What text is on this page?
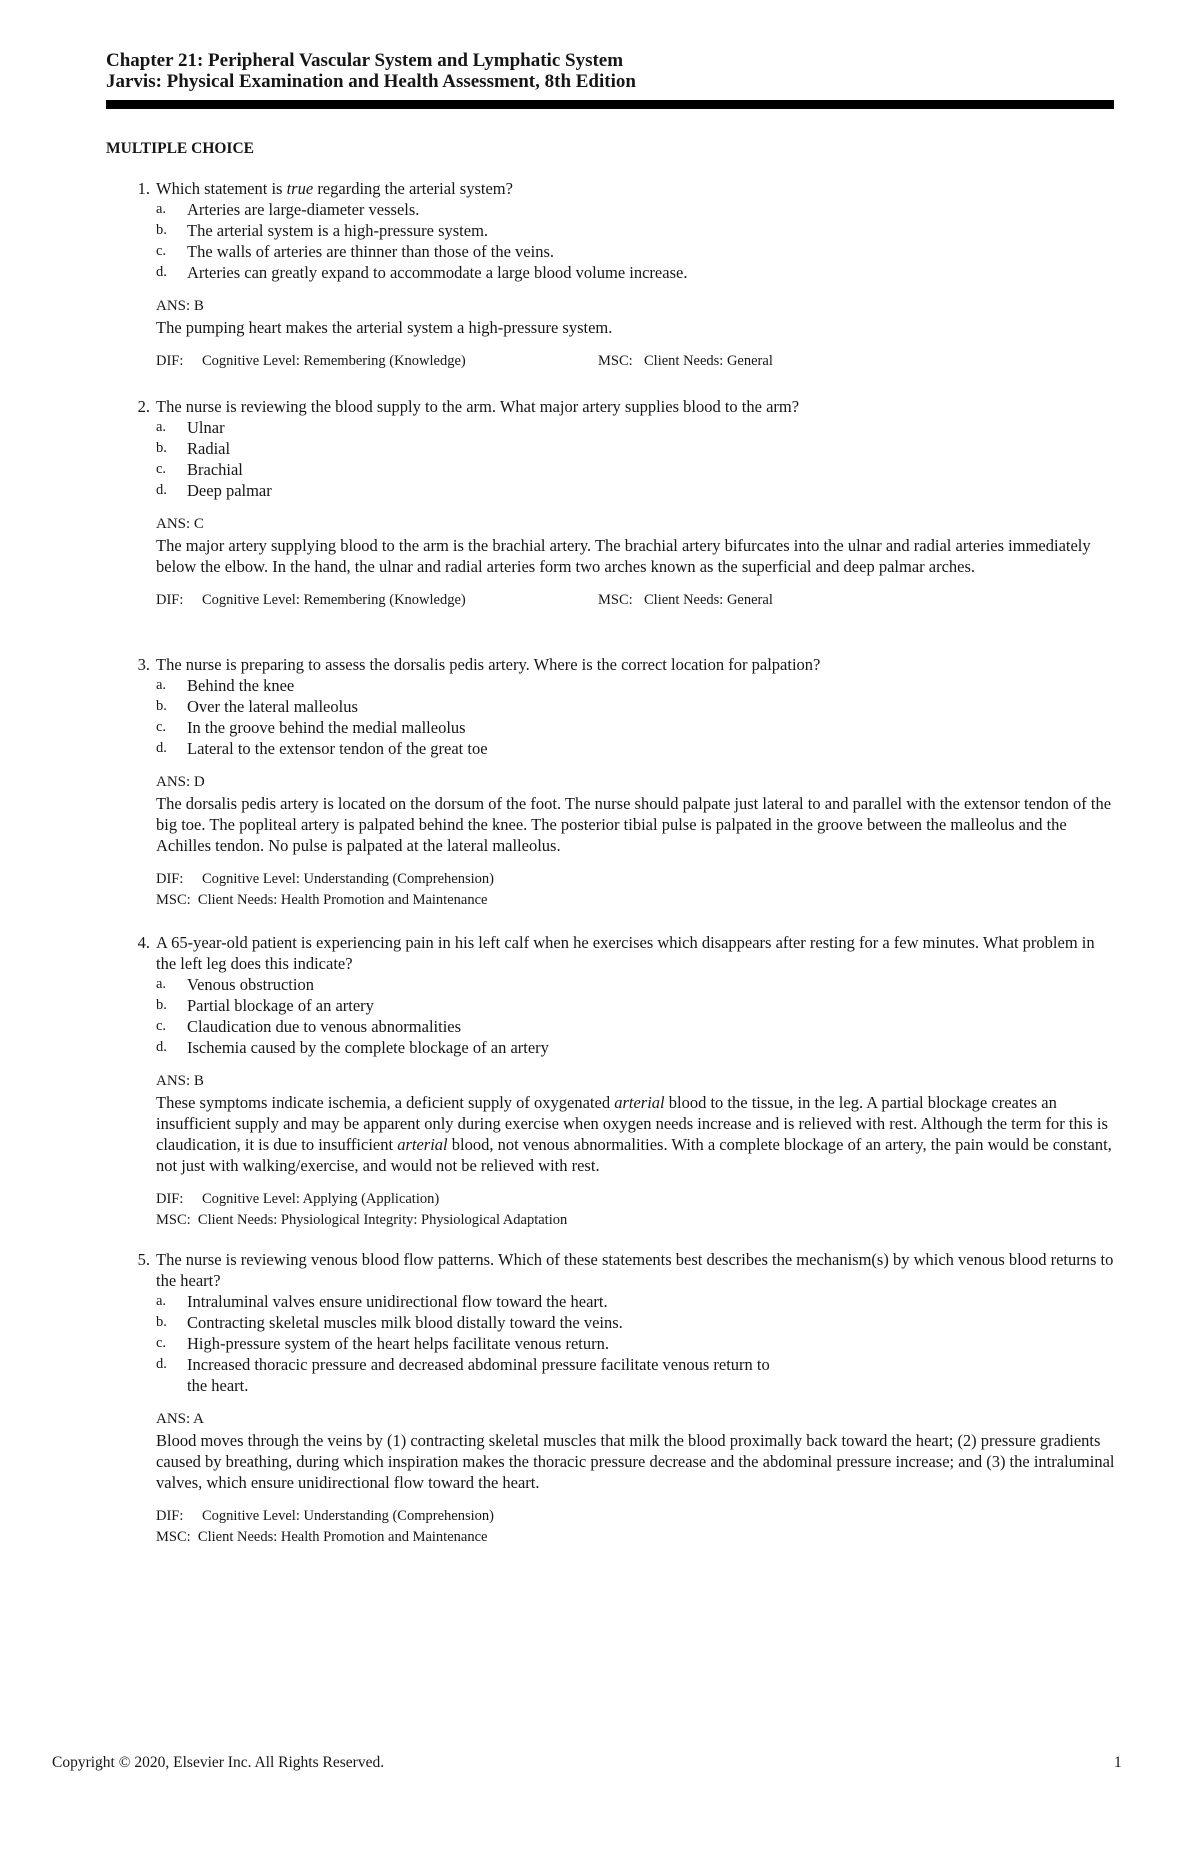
Chapter 21: Peripheral Vascular System and Lymphatic System
Jarvis: Physical Examination and Health Assessment, 8th Edition
MULTIPLE CHOICE
1. Which statement is true regarding the arterial system?
a.	Arteries are large-diameter vessels.
b.	The arterial system is a high-pressure system.
c.	The walls of arteries are thinner than those of the veins.
d.	Arteries can greatly expand to accommodate a large blood volume increase.
ANS: B
The pumping heart makes the arterial system a high-pressure system.
DIF:	Cognitive Level: Remembering (Knowledge)	MSC: Client Needs: General
2. The nurse is reviewing the blood supply to the arm. What major artery supplies blood to the arm?
a.	Ulnar
b.	Radial
c.	Brachial
d.	Deep palmar
ANS: C
The major artery supplying blood to the arm is the brachial artery. The brachial artery bifurcates into the ulnar and radial arteries immediately below the elbow. In the hand, the ulnar and radial arteries form two arches known as the superficial and deep palmar arches.
DIF:	Cognitive Level: Remembering (Knowledge)	MSC: Client Needs: General
3. The nurse is preparing to assess the dorsalis pedis artery. Where is the correct location for palpation?
a.	Behind the knee
b.	Over the lateral malleolus
c.	In the groove behind the medial malleolus
d.	Lateral to the extensor tendon of the great toe
ANS: D
The dorsalis pedis artery is located on the dorsum of the foot. The nurse should palpate just lateral to and parallel with the extensor tendon of the big toe. The popliteal artery is palpated behind the knee. The posterior tibial pulse is palpated in the groove between the malleolus and the Achilles tendon. No pulse is palpated at the lateral malleolus.
DIF: Cognitive Level: Understanding (Comprehension)
MSC: Client Needs: Health Promotion and Maintenance
4. A 65-year-old patient is experiencing pain in his left calf when he exercises which disappears after resting for a few minutes. What problem in the left leg does this indicate?
a.	Venous obstruction
b.	Partial blockage of an artery
c.	Claudication due to venous abnormalities
d.	Ischemia caused by the complete blockage of an artery
ANS: B
These symptoms indicate ischemia, a deficient supply of oxygenated arterial blood to the tissue, in the leg. A partial blockage creates an insufficient supply and may be apparent only during exercise when oxygen needs increase and is relieved with rest. Although the term for this is claudication, it is due to insufficient arterial blood, not venous abnormalities. With a complete blockage of an artery, the pain would be constant, not just with walking/exercise, and would not be relieved with rest.
DIF: Cognitive Level: Applying (Application)
MSC: Client Needs: Physiological Integrity: Physiological Adaptation
5. The nurse is reviewing venous blood flow patterns. Which of these statements best describes the mechanism(s) by which venous blood returns to the heart?
a.	Intraluminal valves ensure unidirectional flow toward the heart.
b.	Contracting skeletal muscles milk blood distally toward the veins.
c.	High-pressure system of the heart helps facilitate venous return.
d.	Increased thoracic pressure and decreased abdominal pressure facilitate venous return to the heart.
ANS: A
Blood moves through the veins by (1) contracting skeletal muscles that milk the blood proximally back toward the heart; (2) pressure gradients caused by breathing, during which inspiration makes the thoracic pressure decrease and the abdominal pressure increase; and (3) the intraluminal valves, which ensure unidirectional flow toward the heart.
DIF: Cognitive Level: Understanding (Comprehension)
MSC: Client Needs: Health Promotion and Maintenance
Copyright © 2020, Elsevier Inc. All Rights Reserved.	1
